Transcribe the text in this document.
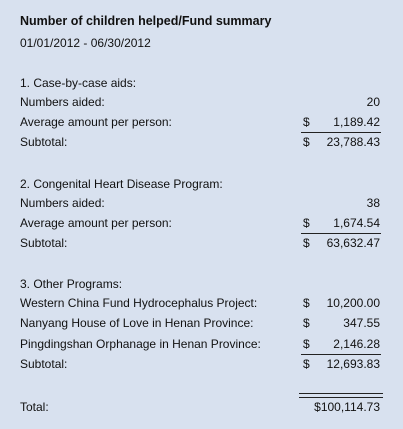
Number of children helped/Fund summary
01/01/2012 - 06/30/2012
1. Case-by-case aids:
Numbers aided:	20
Average amount per person:	$ 1,189.42
Subtotal:	$ 23,788.43
2. Congenital Heart Disease Program:
Numbers aided:	38
Average amount per person:	$ 1,674.54
Subtotal:	$ 63,632.47
3. Other Programs:
Western China Fund Hydrocephalus Project:	$ 10,200.00
Nanyang House of Love in Henan Province:	$	347.55
Pingdingshan Orphanage in Henan Province:	$ 2,146.28
Subtotal:	$ 12,693.83
Total:	$100,114.73
